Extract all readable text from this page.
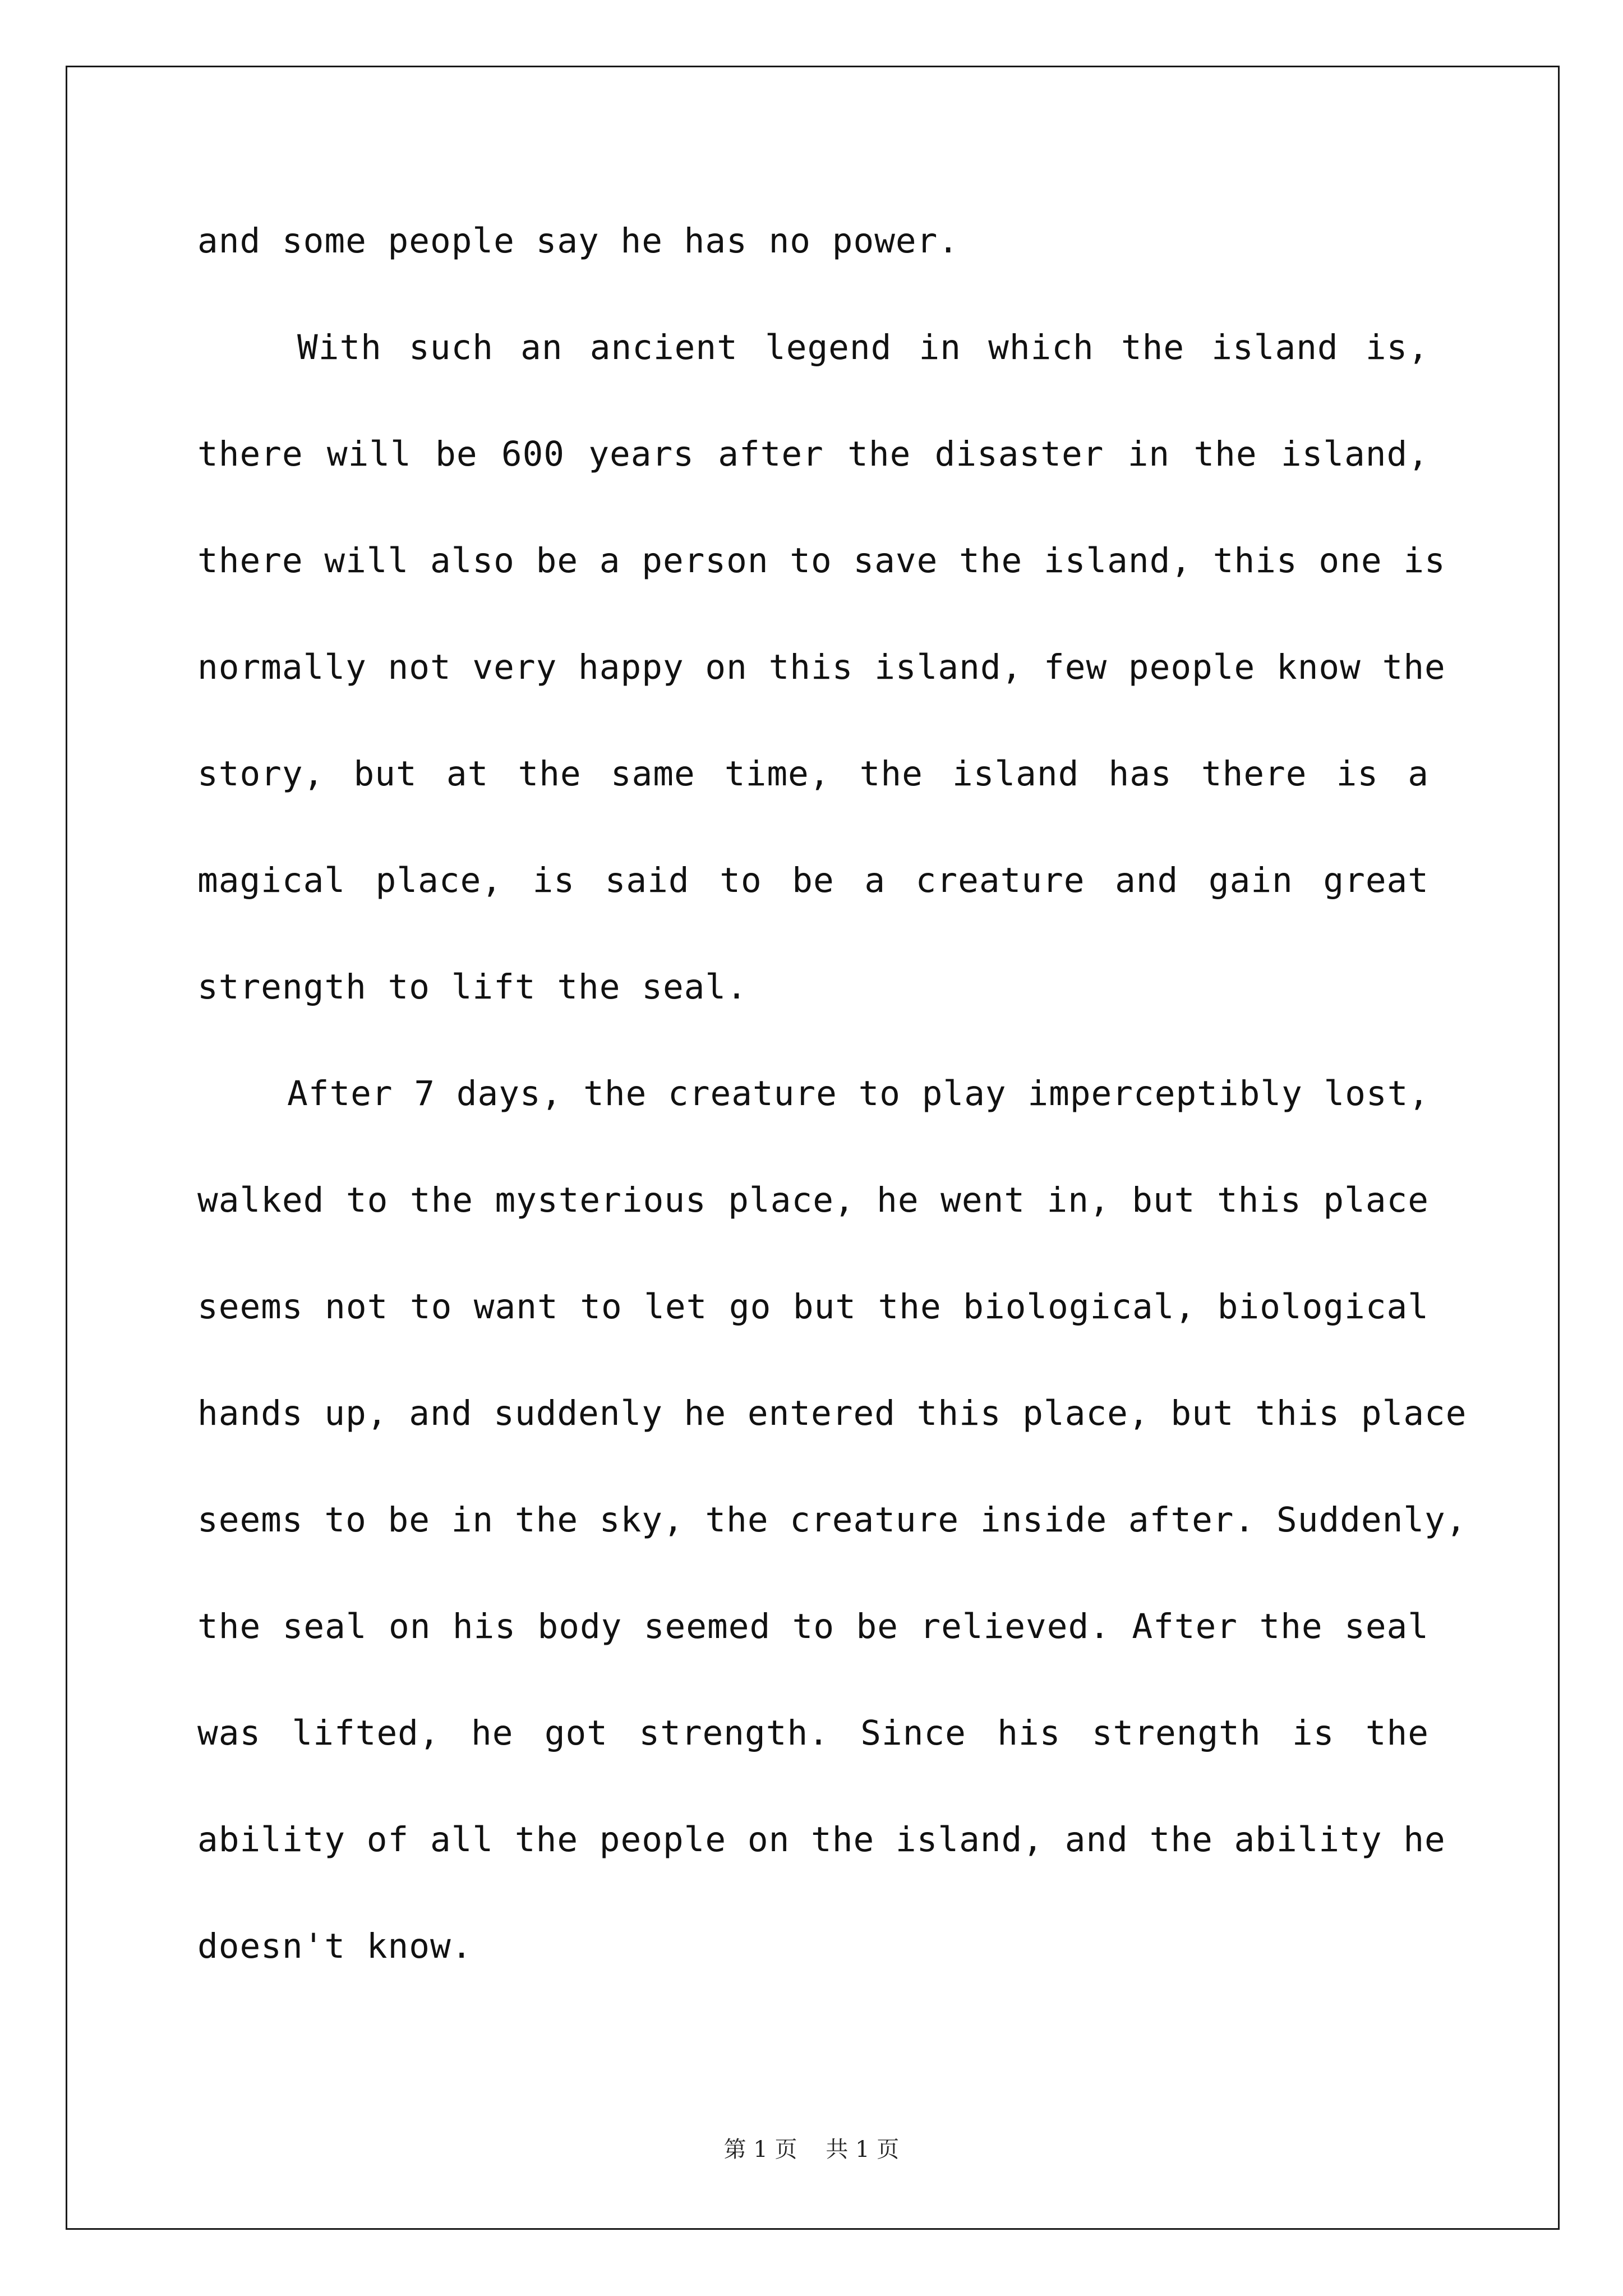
and some people say he has no power.
With such an ancient legend in which the island is,
there will be 600 years after the disaster in the island,
there will also be a person to save the island, this one is
normally not very happy on this island, few people know the
story, but at the same time, the island has there is a
magical place, is said to be a creature and gain great
strength to lift the seal.
After 7 days, the creature to play imperceptibly lost,
walked to the mysterious place, he went in, but this place
seems not to want to let go but the biological, biological
hands up, and suddenly he entered this place, but this place
seems to be in the sky, the creature inside after. Suddenly,
the seal on his body seemed to be relieved. After the seal
was lifted, he got strength. Since his strength is the
ability of all the people on the island, and the ability he
doesn't know.
第 1 页 共 1 页
